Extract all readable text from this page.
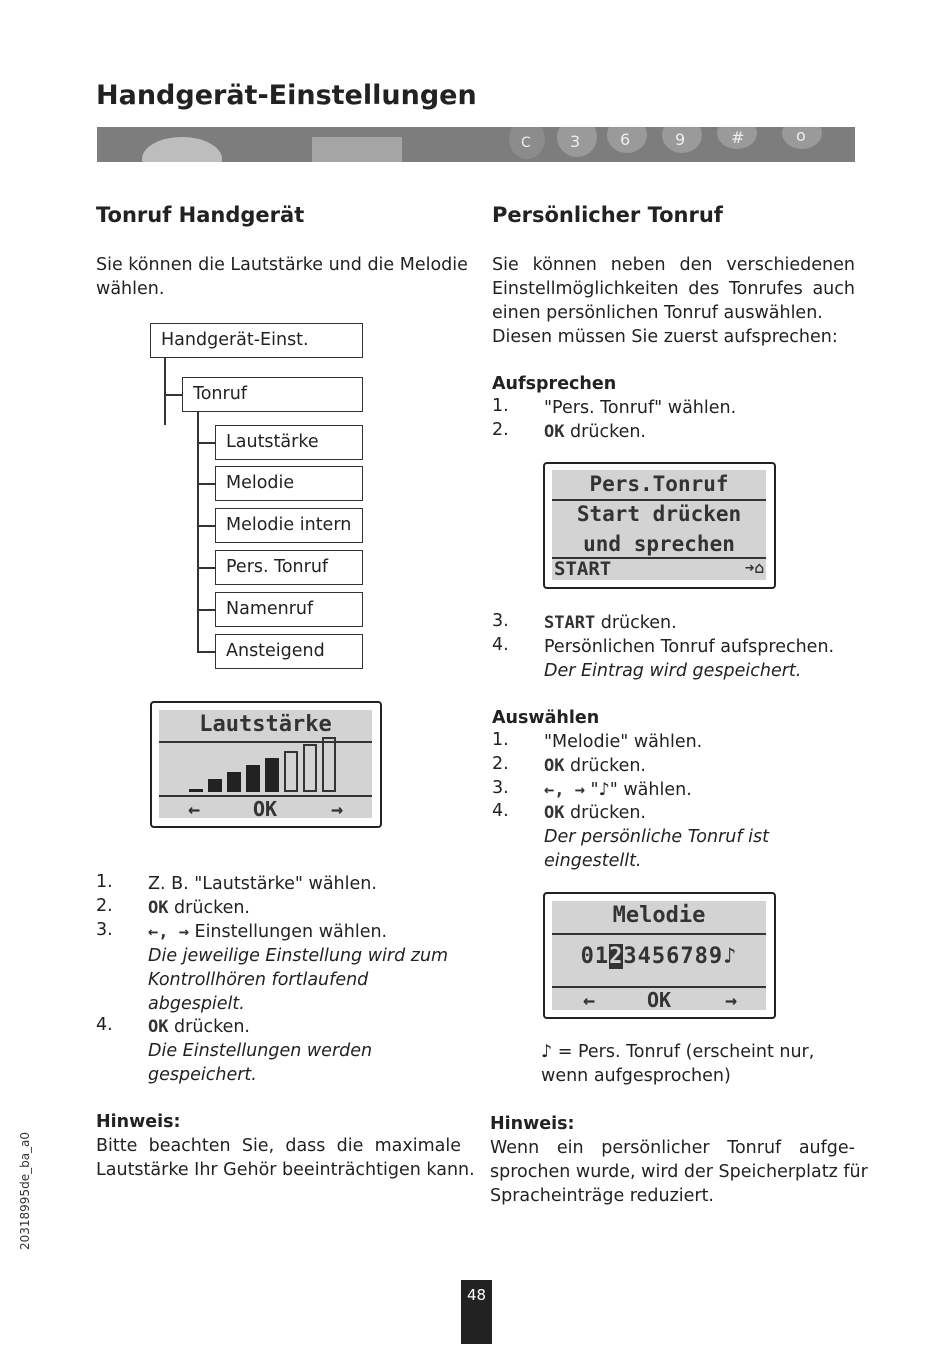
Handgerät-Einstellungen
C 3 6	9	#	o
Tonruf Handgerät
Sie können die Lautstärke und die Melodie
wählen.
Handgerät-Einst.
Tonruf
Lautstärke
Melodie
Melodie intern
Pers. Tonruf
Namenruf
Ansteigend
Lautstärke
←	OK	→
1. Z. B. "Lautstärke" wählen.
2. OK drücken.
3. ←, → Einstellungen wählen.
Die jeweilige Einstellung wird zum
Kontrollhören fortlaufend
abgespielt.
4. OK drücken.
Die Einstellungen werden
gespeichert.
Hinweis:
Bitte beachten Sie, dass die maximale
Lautstärke Ihr Gehör beeinträchtigen kann.
Persönlicher Tonruf
Sie können neben den verschiedenen
Einstellmöglichkeiten des Tonrufes auch
einen persönlichen Tonruf auswählen.
Diesen müssen Sie zuerst aufsprechen:
Aufsprechen
1. "Pers. Tonruf" wählen.
2. OK drücken.
Pers.Tonruf
Start drücken
und sprechen
START	➜⌂
3. START drücken.
4. Persönlichen Tonruf aufsprechen.
Der Eintrag wird gespeichert.
Auswählen
1. "Melodie" wählen.
2. OK drücken.
3. ←, → "♪" wählen.
4. OK drücken.
Der persönliche Tonruf ist
eingestellt.
Melodie
0123456789♪
←	OK	→
♪ = Pers. Tonruf (erscheint nur,
wenn aufgesprochen)
Hinweis:
Wenn ein persönlicher Tonruf aufge-
sprochen wurde, wird der Speicherplatz für
Spracheinträge reduziert.
20318995de_ba_a0
48
